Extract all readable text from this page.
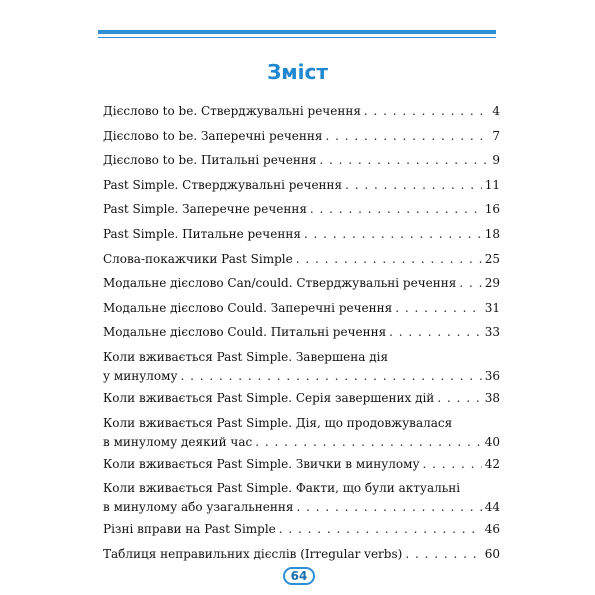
Зміст
Дієслово to be. Стверджувальні речення . . .	4
Дієслово to be. Заперечні речення . . .	7
Дієслово to be. Питальні речення . . .	9
Past Simple. Стверджувальні речення . . .	11
Past Simple. Заперечне речення . . .	16
Past Simple. Питальне речення . . .	18
Слова-покажчики Past Simple . . .	25
Модальне дієслово Can/could. Стверджувальні речення . . . 29
Модальне дієслово Could. Заперечні речення . . .	31
Модальне дієслово Could. Питальні речення . . .	33
Коли вживається Past Simple. Завершена дія
у минулому . . .	36
Коли вживається Past Simple. Серія завершених дій . . .	38
Коли вживається Past Simple. Дія, що продовжувалася
в минулому деякий час . . .	40
Коли вживається Past Simple. Звички в минулому . . .	42
Коли вживається Past Simple. Факти, що були актуальні
в минулому або узагальнення . . .	44
Різні вправи на Past Simple . . .	46
Таблиця неправильних дієслів (Irregular verbs) . . .	60
64
